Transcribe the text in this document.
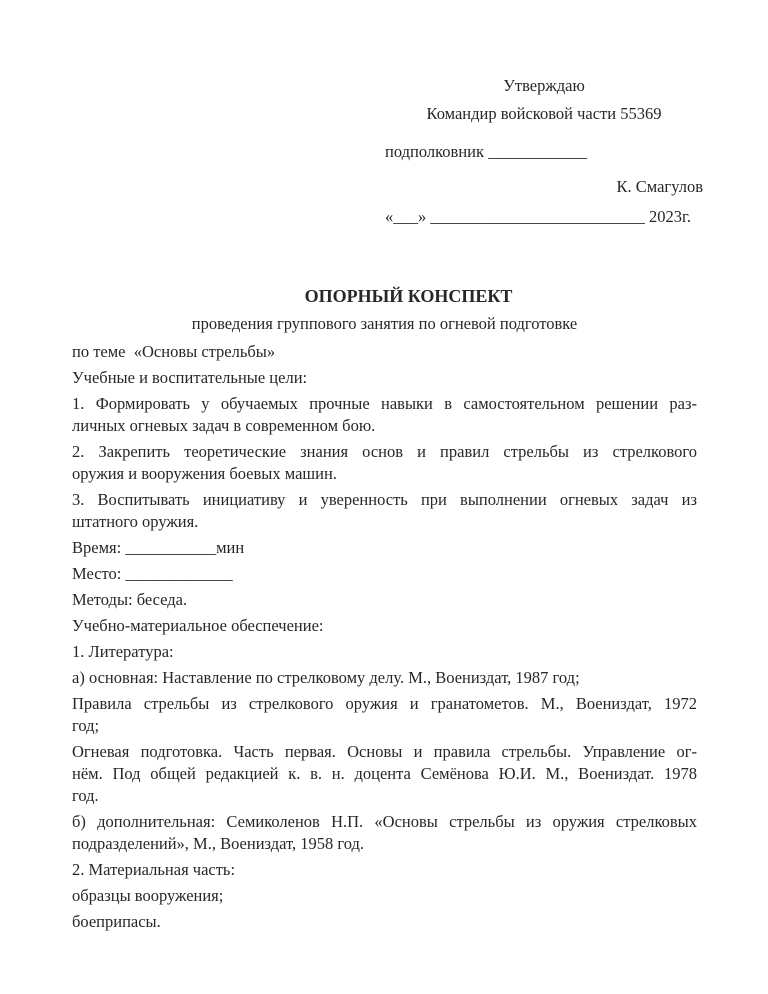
Утверждаю
Командир войсковой части 55369
подполковник ____________
К. Смагулов
«___» __________________________ 2023г.
ОПОРНЫЙ КОНСПЕКТ
проведения группового занятия по огневой подготовке
по теме  «Основы стрельбы»
Учебные и воспитательные цели:
1. Формировать у обучаемых прочные навыки в самостоятельном решении раз-
личных огневых задач в современном бою.
2. Закрепить теоретические знания основ и правил стрельбы из стрелкового
оружия и вооружения боевых машин.
3. Воспитывать инициативу и уверенность при выполнении огневых задач из
штатного оружия.
Время: ___________мин
Место: _____________
Методы: беседа.
Учебно-материальное обеспечение:
1. Литература:
а) основная: Наставление по стрелковому делу. М., Воениздат, 1987 год;
Правила стрельбы из стрелкового оружия и гранатометов. М., Воениздат, 1972
год;
Огневая подготовка. Часть первая. Основы и правила стрельбы. Управление ог-
нём. Под общей редакцией к. в. н. доцента Семёнова Ю.И. М., Воениздат. 1978
год.
б) дополнительная: Семиколенов Н.П. «Основы стрельбы из оружия стрелковых
подразделений», М., Воениздат, 1958 год.
2. Материальная часть:
образцы вооружения;
боеприпасы.
